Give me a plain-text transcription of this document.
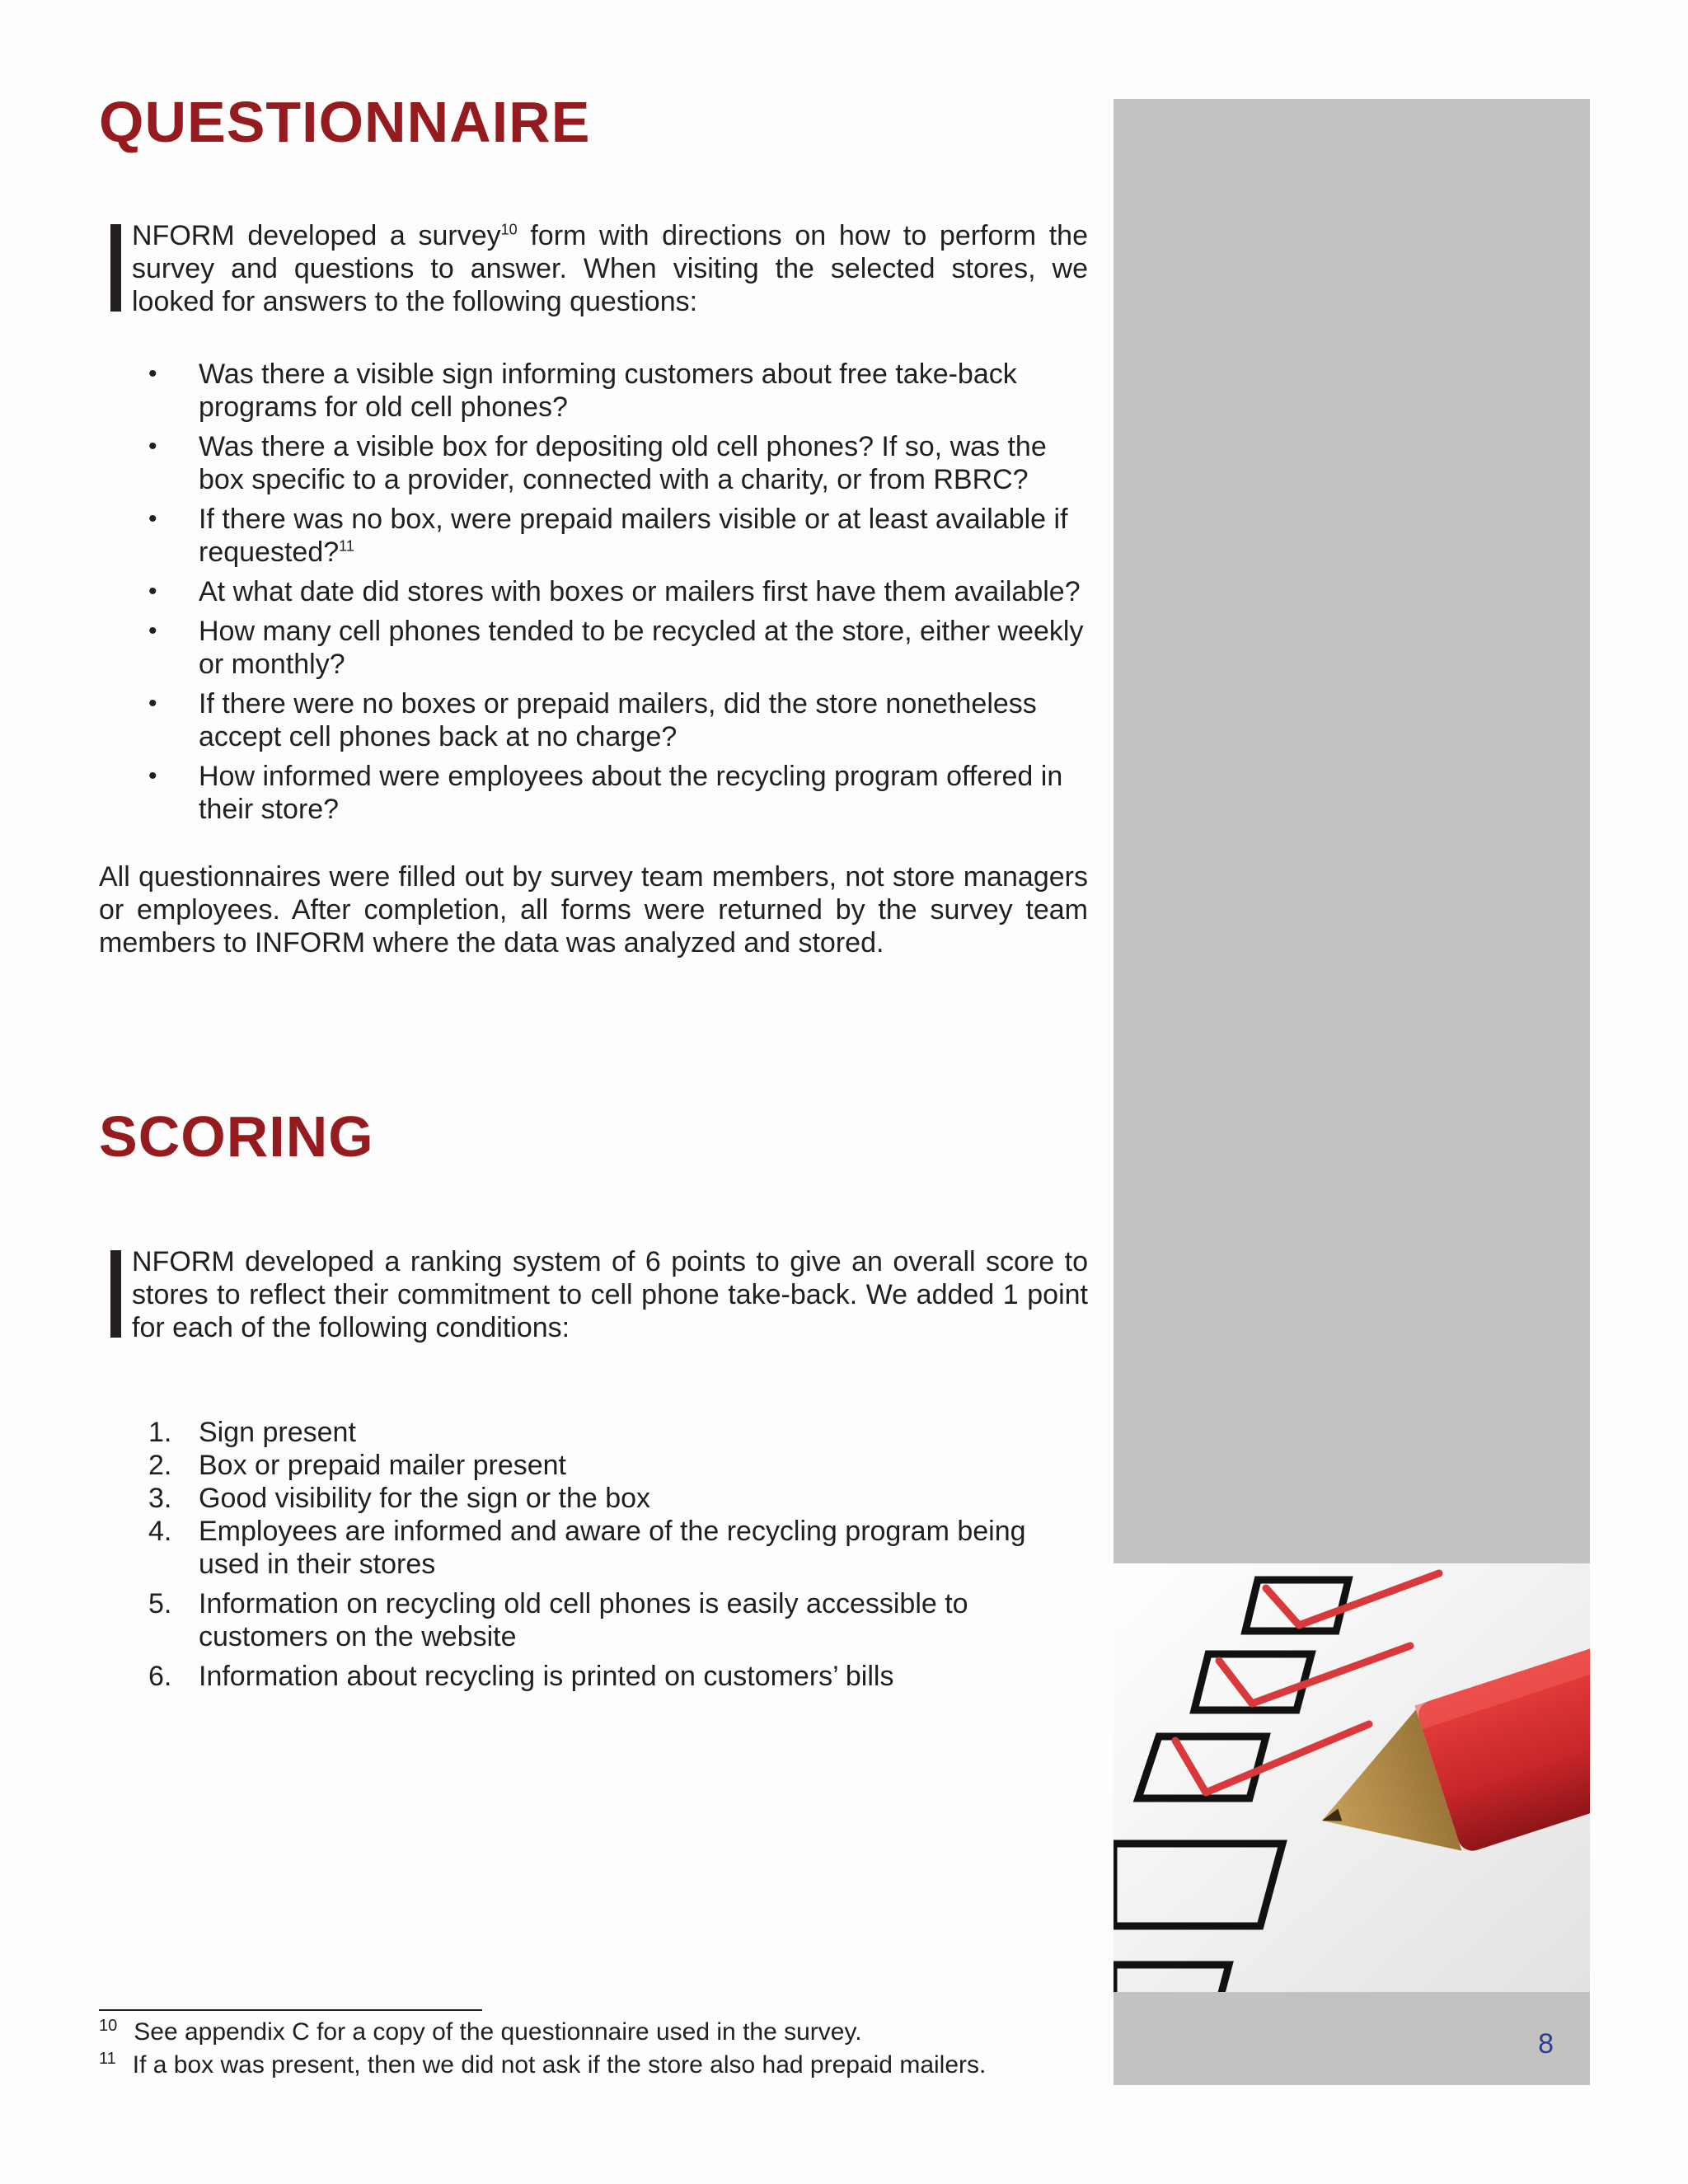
QUESTIONNAIRE
NFORM developed a survey$^{10}$ form with directions on how to perform the survey and questions to answer. When visiting the selected stores, we looked for answers to the following questions:
• Was there a visible sign informing customers about free take-back programs for old cell phones?
• Was there a visible box for depositing old cell phones? If so, was the box specific to a provider, connected with a charity, or from RBRC?
• If there was no box, were prepaid mailers visible or at least available if requested?$^{11}$
• At what date did stores with boxes or mailers first have them available?
• How many cell phones tended to be recycled at the store, either weekly or monthly?
• If there were no boxes or prepaid mailers, did the store nonetheless accept cell phones back at no charge?
• How informed were employees about the recycling program offered in their store?

All questionnaires were filled out by survey team members, not store managers or employees. After completion, all forms were returned by the survey team members to INFORM where the data was analyzed and stored.

SCORING
NFORM developed a ranking system of 6 points to give an overall score to stores to reflect their commitment to cell phone take-back. We added 1 point for each of the following conditions:
1. Sign present
2. Box or prepaid mailer present
3. Good visibility for the sign or the box
4. Employees are informed and aware of the recycling program being used in their stores
5. Information on recycling old cell phones is easily accessible to customers on the website
6. Information about recycling is printed on customers’ bills
$^{10}$ See appendix C for a copy of the questionnaire used in the survey.
$^{11}$ If a box was present, then we did not ask if the store also had prepaid mailers.
8
